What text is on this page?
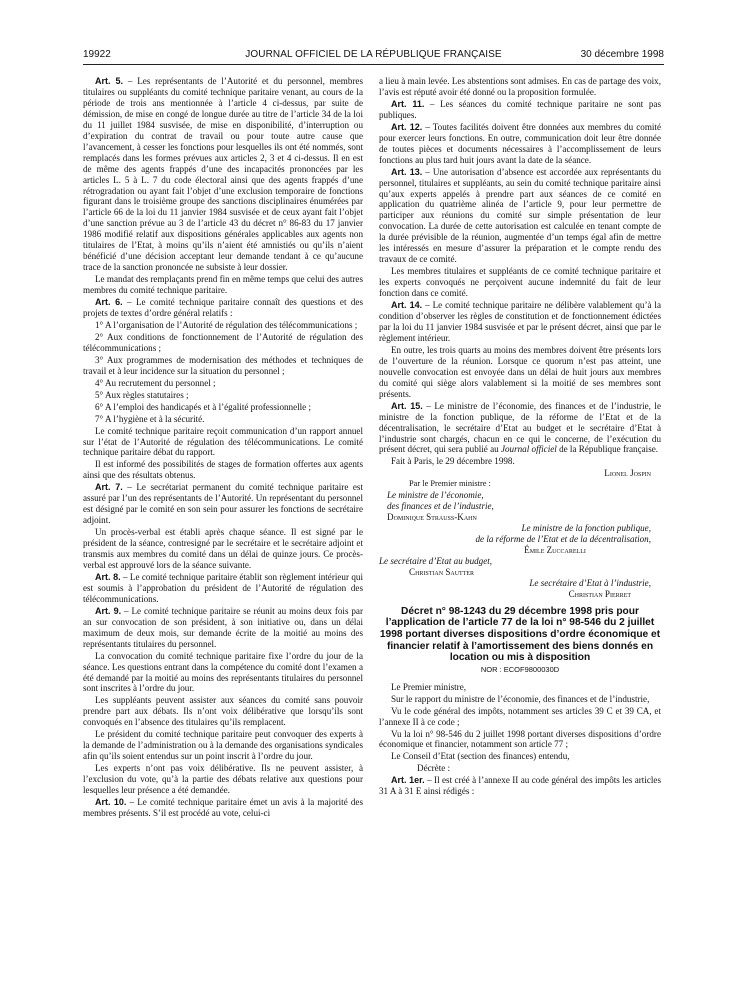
19922	JOURNAL OFFICIEL DE LA RÉPUBLIQUE FRANÇAISE	30 décembre 1998

Art. 5. – Les représentants de l’Autorité et du personnel, membres titulaires ou suppléants du comité technique paritaire venant, au cours de la période de trois ans mentionnée à l’article 4 ci-dessus, par suite de démission, de mise en congé de longue durée au titre de l’article 34 de la loi du 11 juillet 1984 susvisée, de mise en disponibilité, d’interruption ou d’expiration du contrat de travail ou pour toute autre cause que l’avancement, à cesser les fonctions pour lesquelles ils ont été nommés, sont remplacés dans les formes prévues aux articles 2, 3 et 4 ci-dessus. Il en est de même des agents frappés d’une des incapacités prononcées par les articles L. 5 à L. 7 du code électoral ainsi que des agents frappés d’une rétrogradation ou ayant fait l’objet d’une exclusion temporaire de fonctions figurant dans le troisième groupe des sanctions disciplinaires énumérées par l’article 66 de la loi du 11 janvier 1984 susvisée et de ceux ayant fait l’objet d’une sanction prévue au 3 de l’article 43 du décret n° 86-83 du 17 janvier 1986 modifié relatif aux dispositions générales applicables aux agents non titulaires de l’Etat, à moins qu’ils n’aient été amnistiés ou qu’ils n’aient bénéficié d’une décision acceptant leur demande tendant à ce qu’aucune trace de la sanction prononcée ne subsiste à leur dossier.

Le mandat des remplaçants prend fin en même temps que celui des autres membres du comité technique paritaire.

Art. 6. – Le comité technique paritaire connaît des questions et des projets de textes d’ordre général relatifs :

1° A l’organisation de l’Autorité de régulation des télécommunications ;

2° Aux conditions de fonctionnement de l’Autorité de régulation des télécommunications ;

3° Aux programmes de modernisation des méthodes et techniques de travail et à leur incidence sur la situation du personnel ;

4° Au recrutement du personnel ;

5° Aux règles statutaires ;

6° A l’emploi des handicapés et à l’égalité professionnelle ;

7° A l’hygiène et à la sécurité.

Le comité technique paritaire reçoit communication d’un rapport annuel sur l’état de l’Autorité de régulation des télécommunications. Le comité technique paritaire débat du rapport.

Il est informé des possibilités de stages de formation offertes aux agents ainsi que des résultats obtenus.

Art. 7. – Le secrétariat permanent du comité technique paritaire est assuré par l’un des représentants de l’Autorité. Un représentant du personnel est désigné par le comité en son sein pour assurer les fonctions de secrétaire adjoint.

Un procès-verbal est établi après chaque séance. Il est signé par le président de la séance, contresigné par le secrétaire et le secrétaire adjoint et transmis aux membres du comité dans un délai de quinze jours. Ce procès-verbal est approuvé lors de la séance suivante.

Art. 8. – Le comité technique paritaire établit son règlement intérieur qui est soumis à l’approbation du président de l’Autorité de régulation des télécommunications.

Art. 9. – Le comité technique paritaire se réunit au moins deux fois par an sur convocation de son président, à son initiative ou, dans un délai maximum de deux mois, sur demande écrite de la moitié au moins des représentants titulaires du personnel.

La convocation du comité technique paritaire fixe l’ordre du jour de la séance. Les questions entrant dans la compétence du comité dont l’examen a été demandé par la moitié au moins des représentants titulaires du personnel sont inscrites à l’ordre du jour.

Les suppléants peuvent assister aux séances du comité sans pouvoir prendre part aux débats. Ils n’ont voix délibérative que lorsqu’ils sont convoqués en l’absence des titulaires qu’ils remplacent.

Le président du comité technique paritaire peut convoquer des experts à la demande de l’administration ou à la demande des organisations syndicales afin qu’ils soient entendus sur un point inscrit à l’ordre du jour.

Les experts n’ont pas voix délibérative. Ils ne peuvent assister, à l’exclusion du vote, qu’à la partie des débats relative aux questions pour lesquelles leur présence a été demandée.

Art. 10. – Le comité technique paritaire émet un avis à la majorité des membres présents. S’il est procédé au vote, celui-ci

a lieu à main levée. Les abstentions sont admises. En cas de partage des voix, l’avis est réputé avoir été donné ou la proposition formulée.

Art. 11. – Les séances du comité technique paritaire ne sont pas publiques.

Art. 12. – Toutes facilités doivent être données aux membres du comité pour exercer leurs fonctions. En outre, communication doit leur être donnée de toutes pièces et documents nécessaires à l’accomplissement de leurs fonctions au plus tard huit jours avant la date de la séance.

Art. 13. – Une autorisation d’absence est accordée aux représentants du personnel, titulaires et suppléants, au sein du comité technique paritaire ainsi qu’aux experts appelés à prendre part aux séances de ce comité en application du quatrième alinéa de l’article 9, pour leur permettre de participer aux réunions du comité sur simple présentation de leur convocation. La durée de cette autorisation est calculée en tenant compte de la durée prévisible de la réunion, augmentée d’un temps égal afin de mettre les intéressés en mesure d’assurer la préparation et le compte rendu des travaux de ce comité.

Les membres titulaires et suppléants de ce comité technique paritaire et les experts convoqués ne perçoivent aucune indemnité du fait de leur fonction dans ce comité.

Art. 14. – Le comité technique paritaire ne délibère valablement qu’à la condition d’observer les règles de constitution et de fonctionnement édictées par la loi du 11 janvier 1984 susvisée et par le présent décret, ainsi que par le règlement intérieur.

En outre, les trois quarts au moins des membres doivent être présents lors de l’ouverture de la réunion. Lorsque ce quorum n’est pas atteint, une nouvelle convocation est envoyée dans un délai de huit jours aux membres du comité qui siège alors valablement si la moitié de ses membres sont présents.

Art. 15. – Le ministre de l’économie, des finances et de l’industrie, le ministre de la fonction publique, de la réforme de l’Etat et de la décentralisation, le secrétaire d’Etat au budget et le secrétaire d’Etat à l’industrie sont chargés, chacun en ce qui le concerne, de l’exécution du présent décret, qui sera publié au Journal officiel de la République française.

Fait à Paris, le 29 décembre 1998.

Lionel Jospin

Par le Premier ministre :

Le ministre de l’économie,

des finances et de l’industrie,

Dominique Strauss-Kahn

Le ministre de la fonction publique,

de la réforme de l’Etat et de la décentralisation,

Émile Zuccarelli

Le secrétaire d’Etat au budget,

Christian Sautter

Le secrétaire d’Etat à l’industrie,

Christian Pierret

Décret n° 98-1243 du 29 décembre 1998 pris pour l’application de l’article 77 de la loi n° 98-546 du 2 juillet 1998 portant diverses dispositions d’ordre économique et financier relatif à l’amortissement des biens donnés en location ou mis à disposition
NOR : ECOF9800030D

Le Premier ministre,

Sur le rapport du ministre de l’économie, des finances et de l’industrie,

Vu le code général des impôts, notamment ses articles 39 C et 39 CA, et l’annexe II à ce code ;

Vu la loi n° 98-546 du 2 juillet 1998 portant diverses dispositions d’ordre économique et financier, notamment son article 77 ;

Le Conseil d’Etat (section des finances) entendu,

Décrète :

Art. 1er. – Il est créé à l’annexe II au code général des impôts les articles 31 A à 31 E ainsi rédigés :
